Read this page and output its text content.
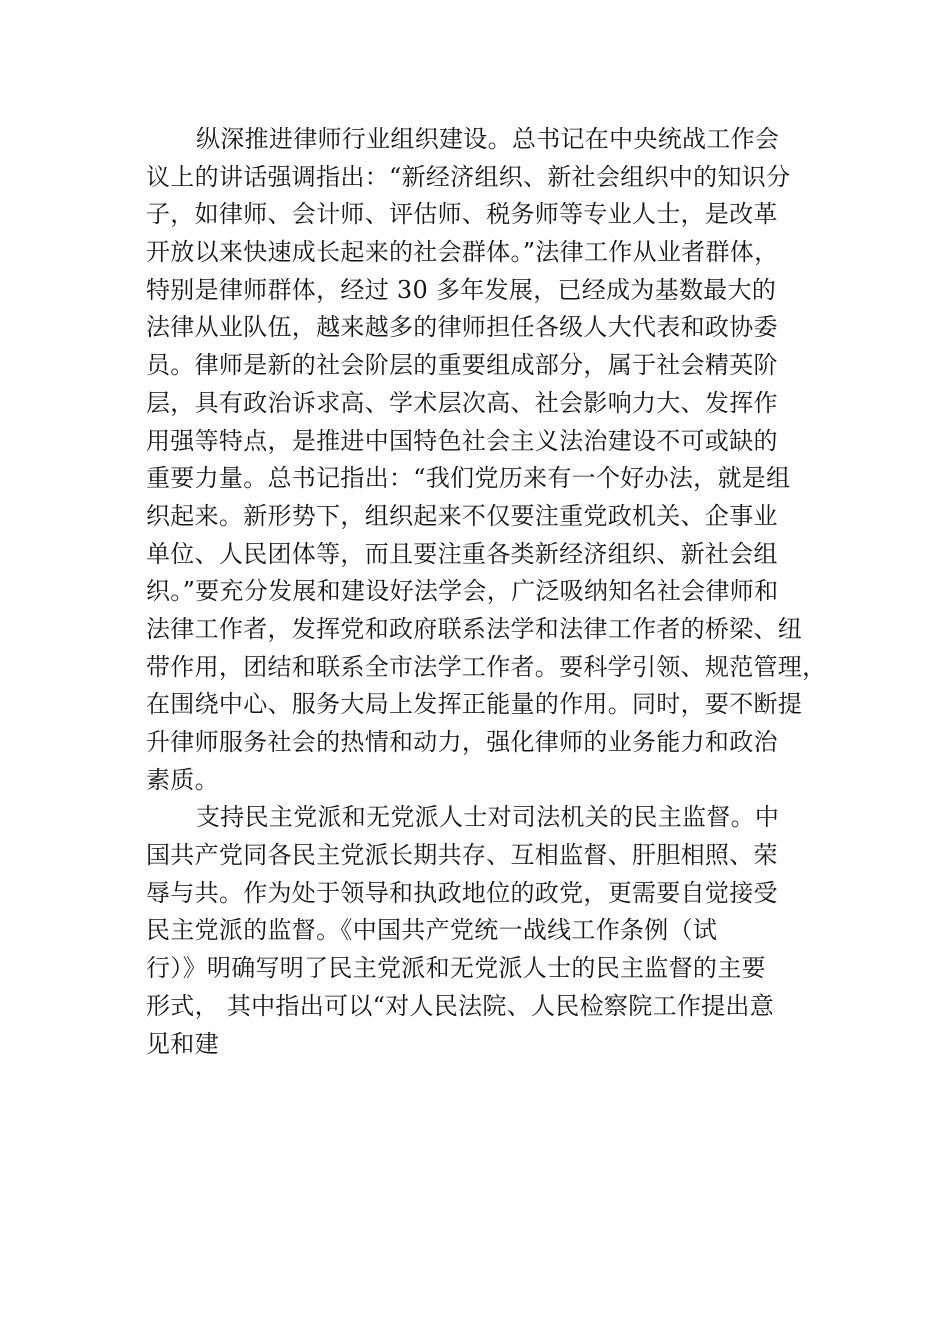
纵深推进律师行业组织建设。总书记在中央统战工作会
议上的讲话强调指出：“新经济组织、新社会组织中的知识分
子，如律师、会计师、评估师、税务师等专业人士，是改革
开放以来快速成长起来的社会群体。”法律工作从业者群体，
特别是律师群体，经过 30 多年发展，已经成为基数最大的
法律从业队伍，越来越多的律师担任各级人大代表和政协委
员。律师是新的社会阶层的重要组成部分，属于社会精英阶
层，具有政治诉求高、学术层次高、社会影响力大、发挥作
用强等特点，是推进中国特色社会主义法治建设不可或缺的
重要力量。总书记指出：“我们党历来有一个好办法，就是组
织起来。新形势下，组织起来不仅要注重党政机关、企事业
单位、人民团体等，而且要注重各类新经济组织、新社会组
织。”要充分发展和建设好法学会，广泛吸纳知名社会律师和
法律工作者，发挥党和政府联系法学和法律工作者的桥梁、纽
带作用，团结和联系全市法学工作者。要科学引领、规范管理，
在围绕中心、服务大局上发挥正能量的作用。同时，要不断提
升律师服务社会的热情和动力，强化律师的业务能力和政治
素质。
支持民主党派和无党派人士对司法机关的民主监督。中
国共产党同各民主党派长期共存、互相监督、肝胆相照、荣
辱与共。作为处于领导和执政地位的政党，更需要自觉接受
民主党派的监督。《中国共产党统一战线工作条例（试
行）》明确写明了民主党派和无党派人士的民主监督的主要
形式， 其中指出可以“对人民法院、人民检察院工作提出意
见和建
